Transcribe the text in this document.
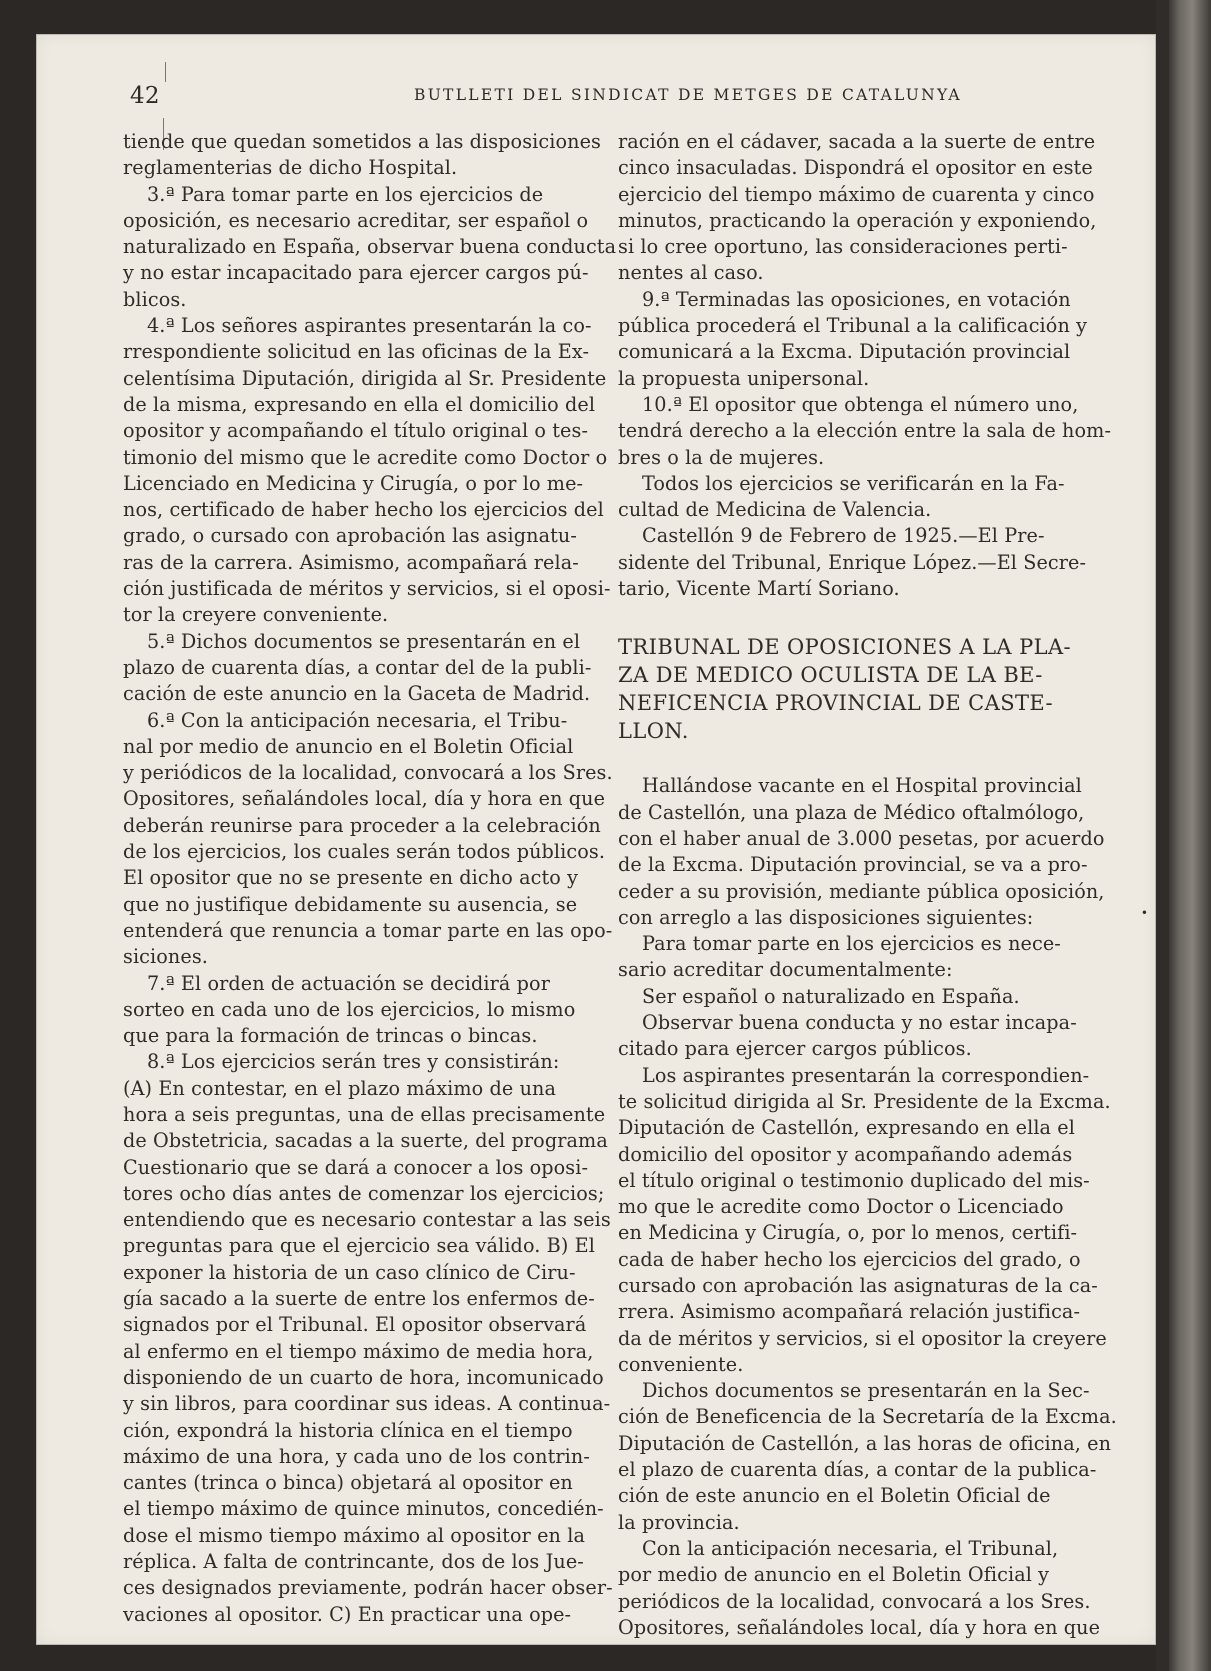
42	BUTLLETI DEL SINDICAT DE METGES DE CATALUNYA
tiende que quedan sometidos a las disposiciones
reglamenterias de dicho Hospital.
3.ª Para tomar parte en los ejercicios de
oposición, es necesario acreditar, ser español o
naturalizado en España, observar buena conducta
y no estar incapacitado para ejercer cargos pú-
blicos.
4.ª Los señores aspirantes presentarán la co-
rrespondiente solicitud en las oficinas de la Ex-
celentísima Diputación, dirigida al Sr. Presidente
de la misma, expresando en ella el domicilio del
opositor y acompañando el título original o tes-
timonio del mismo que le acredite como Doctor o
Licenciado en Medicina y Cirugía, o por lo me-
nos, certificado de haber hecho los ejercicios del
grado, o cursado con aprobación las asignatu-
ras de la carrera. Asimismo, acompañará rela-
ción justificada de méritos y servicios, si el oposi-
tor la creyere conveniente.
5.ª Dichos documentos se presentarán en el
plazo de cuarenta días, a contar del de la publi-
cación de este anuncio en la Gaceta de Madrid.
6.ª Con la anticipación necesaria, el Tribu-
nal por medio de anuncio en el Boletin Oficial
y periódicos de la localidad, convocará a los Sres.
Opositores, señalándoles local, día y hora en que
deberán reunirse para proceder a la celebración
de los ejercicios, los cuales serán todos públicos.
El opositor que no se presente en dicho acto y
que no justifique debidamente su ausencia, se
entenderá que renuncia a tomar parte en las opo-
siciones.
7.ª El orden de actuación se decidirá por
sorteo en cada uno de los ejercicios, lo mismo
que para la formación de trincas o bincas.
8.ª Los ejercicios serán tres y consistirán:
(A) En contestar, en el plazo máximo de una
hora a seis preguntas, una de ellas precisamente
de Obstetricia, sacadas a la suerte, del programa
Cuestionario que se dará a conocer a los oposi-
tores ocho días antes de comenzar los ejercicios;
entendiendo que es necesario contestar a las seis
preguntas para que el ejercicio sea válido. B) El
exponer la historia de un caso clínico de Ciru-
gía sacado a la suerte de entre los enfermos de-
signados por el Tribunal. El opositor observará
al enfermo en el tiempo máximo de media hora,
disponiendo de un cuarto de hora, incomunicado
y sin libros, para coordinar sus ideas. A continua-
ción, expondrá la historia clínica en el tiempo
máximo de una hora, y cada uno de los contrin-
cantes (trinca o binca) objetará al opositor en
el tiempo máximo de quince minutos, concedién-
dose el mismo tiempo máximo al opositor en la
réplica. A falta de contrincante, dos de los Jue-
ces designados previamente, podrán hacer obser-
vaciones al opositor. C) En practicar una ope-
ración en el cádaver, sacada a la suerte de entre
cinco insaculadas. Dispondrá el opositor en este
ejercicio del tiempo máximo de cuarenta y cinco
minutos, practicando la operación y exponiendo,
si lo cree oportuno, las consideraciones perti-
nentes al caso.
9.ª Terminadas las oposiciones, en votación
pública procederá el Tribunal a la calificación y
comunicará a la Excma. Diputación provincial
la propuesta unipersonal.
10.ª El opositor que obtenga el número uno,
tendrá derecho a la elección entre la sala de hom-
bres o la de mujeres.
Todos los ejercicios se verificarán en la Fa-
cultad de Medicina de Valencia.
Castellón 9 de Febrero de 1925.—El Pre-
sidente del Tribunal, Enrique López.—El Secre-
tario, Vicente Martí Soriano.
TRIBUNAL DE OPOSICIONES A LA PLA-
ZA DE MEDICO OCULISTA DE LA BE-
NEFICENCIA PROVINCIAL DE CASTE-
LLON.
Hallándose vacante en el Hospital provincial
de Castellón, una plaza de Médico oftalmólogo,
con el haber anual de 3.000 pesetas, por acuerdo
de la Excma. Diputación provincial, se va a pro-
ceder a su provisión, mediante pública oposición,
con arreglo a las disposiciones siguientes:
Para tomar parte en los ejercicios es nece-
sario acreditar documentalmente:
Ser español o naturalizado en España.
Observar buena conducta y no estar incapa-
citado para ejercer cargos públicos.
Los aspirantes presentarán la correspondien-
te solicitud dirigida al Sr. Presidente de la Excma.
Diputación de Castellón, expresando en ella el
domicilio del opositor y acompañando además
el título original o testimonio duplicado del mis-
mo que le acredite como Doctor o Licenciado
en Medicina y Cirugía, o, por lo menos, certifi-
cada de haber hecho los ejercicios del grado, o
cursado con aprobación las asignaturas de la ca-
rrera. Asimismo acompañará relación justifica-
da de méritos y servicios, si el opositor la creyere
conveniente.
Dichos documentos se presentarán en la Sec-
ción de Beneficencia de la Secretaría de la Excma.
Diputación de Castellón, a las horas de oficina, en
el plazo de cuarenta días, a contar de la publica-
ción de este anuncio en el Boletin Oficial de
la provincia.
Con la anticipación necesaria, el Tribunal,
por medio de anuncio en el Boletin Oficial y
periódicos de la localidad, convocará a los Sres.
Opositores, señalándoles local, día y hora en que
•
